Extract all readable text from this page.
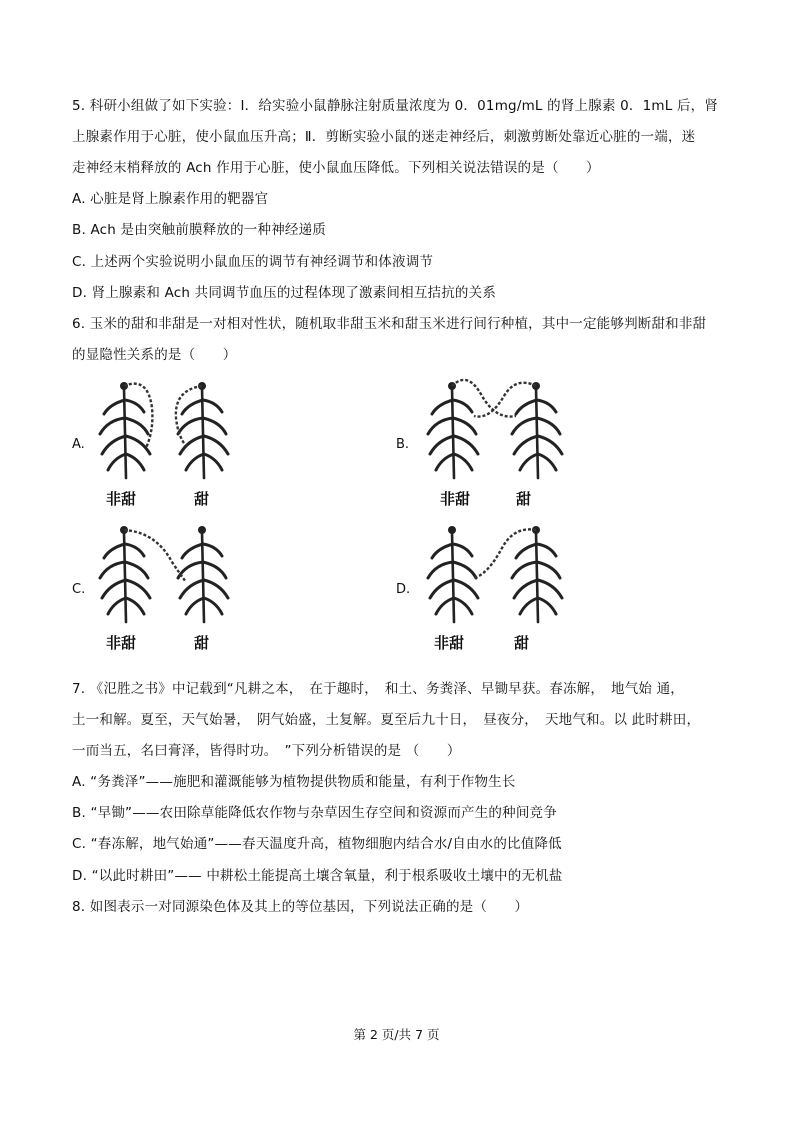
5. 科研小组做了如下实验：Ⅰ．给实验小鼠静脉注射质量浓度为 0．01mg/mL 的肾上腺素 0．1mL 后，肾
上腺素作用于心脏，使小鼠血压升高；Ⅱ．剪断实验小鼠的迷走神经后，刺激剪断处靠近心脏的一端，迷
走神经末梢释放的 Ach 作用于心脏，使小鼠血压降低。下列相关说法错误的是（　　）
A. 心脏是肾上腺素作用的靶器官
B. Ach 是由突触前膜释放的一种神经递质
C. 上述两个实验说明小鼠血压的调节有神经调节和体液调节
D. 肾上腺素和 Ach 共同调节血压的过程体现了激素间相互拮抗的关系
6. 玉米的甜和非甜是一对相对性状，随机取非甜玉米和甜玉米进行间行种植，其中一定能够判断甜和非甜
的显隐性关系的是（　　）
A.
非甜	甜
B.
非甜	甜
C.
非甜	甜
D.
非甜	甜
7. 《氾胜之书》中记载到“凡耕之本，　在于趣时，　和土、务粪泽、早锄早获。春冻解，　地气始 通，
土一和解。夏至，天气始暑，　阴气始盛，土复解。夏至后九十日，　昼夜分，　天地气和。以 此时耕田，
一而当五，名曰膏泽，皆得时功。　”下列分析错误的是 （　　）
A. “务粪泽”——施肥和灌溉能够为植物提供物质和能量，有利于作物生长
B. “早锄”——农田除草能降低农作物与杂草因生存空间和资源而产生的种间竞争
C. “春冻解，地气始通”——春天温度升高，植物细胞内结合水/自由水的比值降低
D. “以此时耕田”—— 中耕松土能提高土壤含氧量，利于根系吸收土壤中的无机盐
8. 如图表示一对同源染色体及其上的等位基因，下列说法正确的是（　　）
第 2 页/共 7 页
